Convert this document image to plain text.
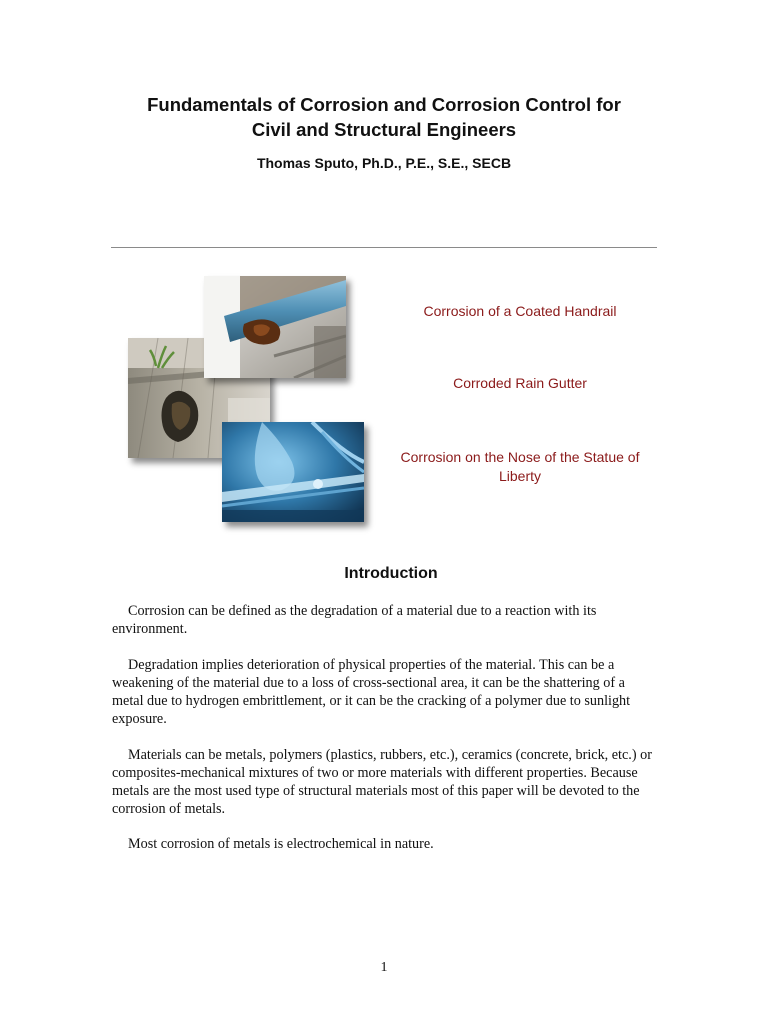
Fundamentals of Corrosion and Corrosion Control for
Civil and Structural Engineers
Thomas Sputo, Ph.D., P.E., S.E., SECB
Corrosion of a Coated Handrail
Corroded Rain Gutter
Corrosion on the Nose of the Statue of Liberty
Introduction

Corrosion can be defined as the degradation of a material due to a reaction with its environment.

Degradation implies deterioration of physical properties of the material. This can be a weakening of the material due to a loss of cross-sectional area, it can be the shattering of a metal due to hydrogen embrittlement, or it can be the cracking of a polymer due to sunlight exposure.

Materials can be metals, polymers (plastics, rubbers, etc.), ceramics (concrete, brick, etc.) or composites-mechanical mixtures of two or more materials with different properties. Because metals are the most used type of structural materials most of this paper will be devoted to the corrosion of metals.

Most corrosion of metals is electrochemical in nature.

1
